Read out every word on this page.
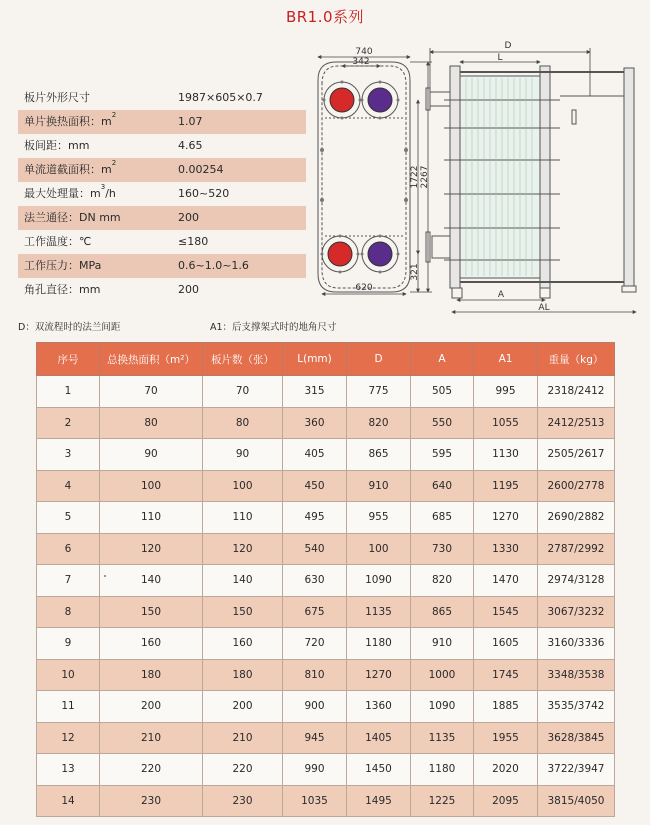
BR1.0系列
板片外形尺寸	1987×605×0.7
单片换热面积：$m^2$	1.07
板间距：mm	4.65
单流道截面积：$m^2$	0.00254
最大处理量：$m^3/h$	160~520
法兰通径：DN mm	200
工作温度：℃	≤180
工作压力：MPa	0.6~1.0~1.6
角孔直径：mm	200
D：双流程时的法兰间距	A1：后支撑架式时的地角尺寸
740
342
1722 2267
321
620
D
L
A
AL
序号	总换热面积（m²）	板片数（张）	L(mm)	D	A	A1	重量（kg）
1	70	70	315	775	505	995	2318/2412
2	80	80	360	820	550	1055	2412/2513
3	90	90	405	865	595	1130	2505/2617
4	100	100	450	910	640	1195	2600/2778
5	110	110	495	955	685	1270	2690/2882
6	120	120	540	100	730	1330	2787/2992
7	140	140	630	1090	820	1470	2974/3128
8	150	150	675	1135	865	1545	3067/3232
9	160	160	720	1180	910	1605	3160/3336
10	180	180	810	1270	1000	1745	3348/3538
11	200	200	900	1360	1090	1885	3535/3742
12	210	210	945	1405	1135	1955	3628/3845
13	220	220	990	1450	1180	2020	3722/3947
14	230	230	1035	1495	1225	2095	3815/4050
